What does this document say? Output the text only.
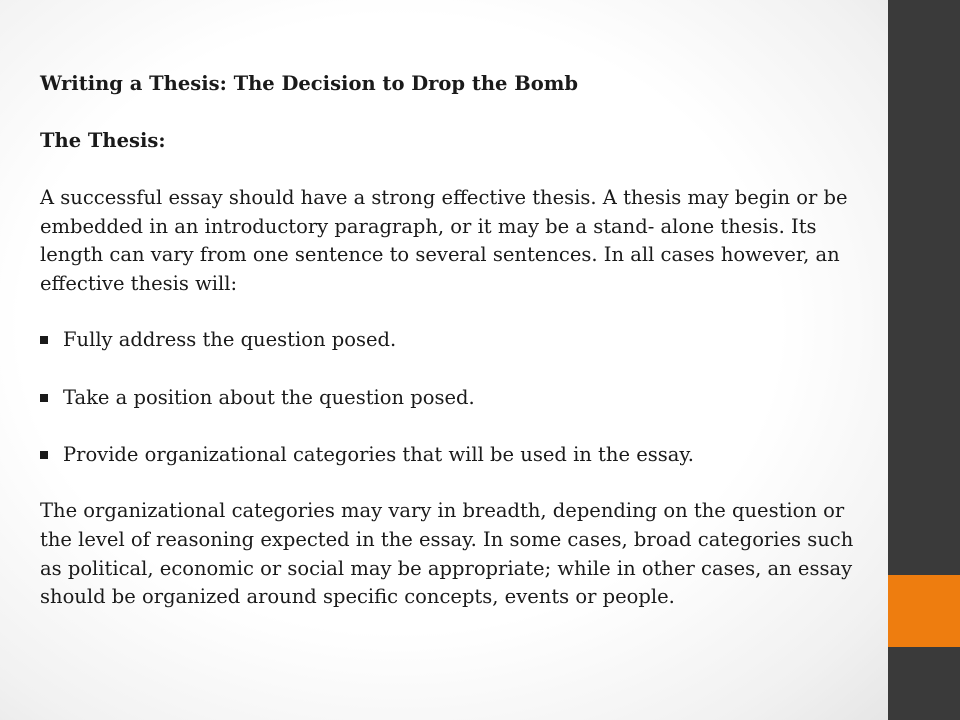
Writing a Thesis: The Decision to Drop the Bomb

The Thesis:

A successful essay should have a strong effective thesis. A thesis may begin or be embedded in an introductory paragraph, or it may be a stand- alone thesis. Its length can vary from one sentence to several sentences. In all cases however, an effective thesis will:

Fully address the question posed.
Take a position about the question posed.
Provide organizational categories that will be used in the essay.

The organizational categories may vary in breadth, depending on the question or the level of reasoning expected in the essay. In some cases, broad categories such as political, economic or social may be appropriate; while in other cases, an essay should be organized around specific concepts, events or people.
